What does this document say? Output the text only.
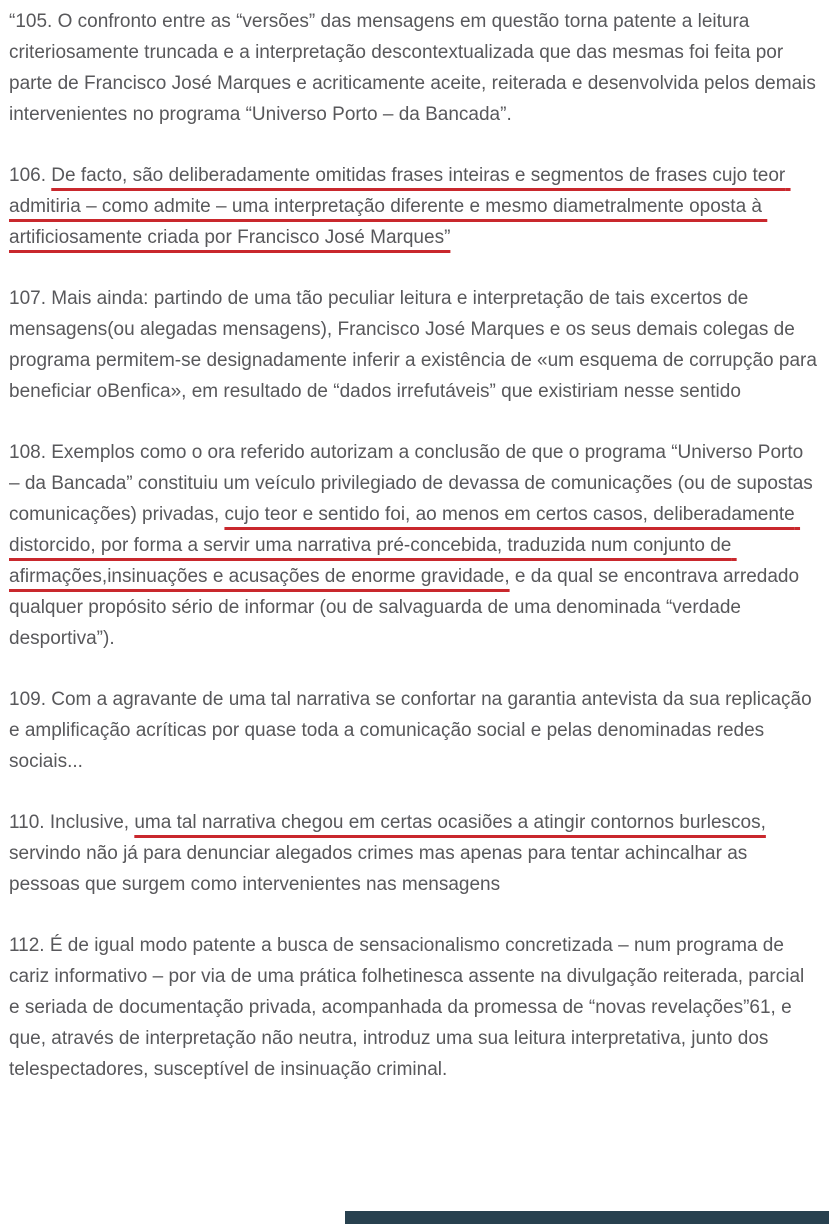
“105. O confronto entre as “versões” das mensagens em questão torna patente a leitura criteriosamente truncada e a interpretação descontextualizada que das mesmas foi feita por parte de Francisco José Marques e acriticamente aceite, reiterada e desenvolvida pelos demais intervenientes no programa “Universo Porto – da Bancada”.

106. De facto, são deliberadamente omitidas frases inteiras e segmentos de frases cujo teor admitiria – como admite – uma interpretação diferente e mesmo diametralmente oposta à artificiosamente criada por Francisco José Marques”

107. Mais ainda: partindo de uma tão peculiar leitura e interpretação de tais excertos de mensagens(ou alegadas mensagens), Francisco José Marques e os seus demais colegas de programa permitem-se designadamente inferir a existência de «um esquema de corrupção para beneficiar oBenfica», em resultado de “dados irrefutáveis” que existiriam nesse sentido

108. Exemplos como o ora referido autorizam a conclusão de que o programa “Universo Porto – da Bancada” constituiu um veículo privilegiado de devassa de comunicações (ou de supostas comunicações) privadas, cujo teor e sentido foi, ao menos em certos casos, deliberadamente distorcido, por forma a servir uma narrativa pré-concebida, traduzida num conjunto de afirmações,insinuações e acusações de enorme gravidade, e da qual se encontrava arredado qualquer propósito sério de informar (ou de salvaguarda de uma denominada “verdade desportiva”).

109. Com a agravante de uma tal narrativa se confortar na garantia antevista da sua replicação e amplificação acríticas por quase toda a comunicação social e pelas denominadas redes sociais...

110. Inclusive, uma tal narrativa chegou em certas ocasiões a atingir contornos burlescos, servindo não já para denunciar alegados crimes mas apenas para tentar achincalhar as pessoas que surgem como intervenientes nas mensagens

112. É de igual modo patente a busca de sensacionalismo concretizada – num programa de cariz informativo – por via de uma prática folhetinesca assente na divulgação reiterada, parcial e seriada de documentação privada, acompanhada da promessa de “novas revelações”61, e que, através de interpretação não neutra, introduz uma sua leitura interpretativa, junto dos telespectadores, susceptível de insinuação criminal.
